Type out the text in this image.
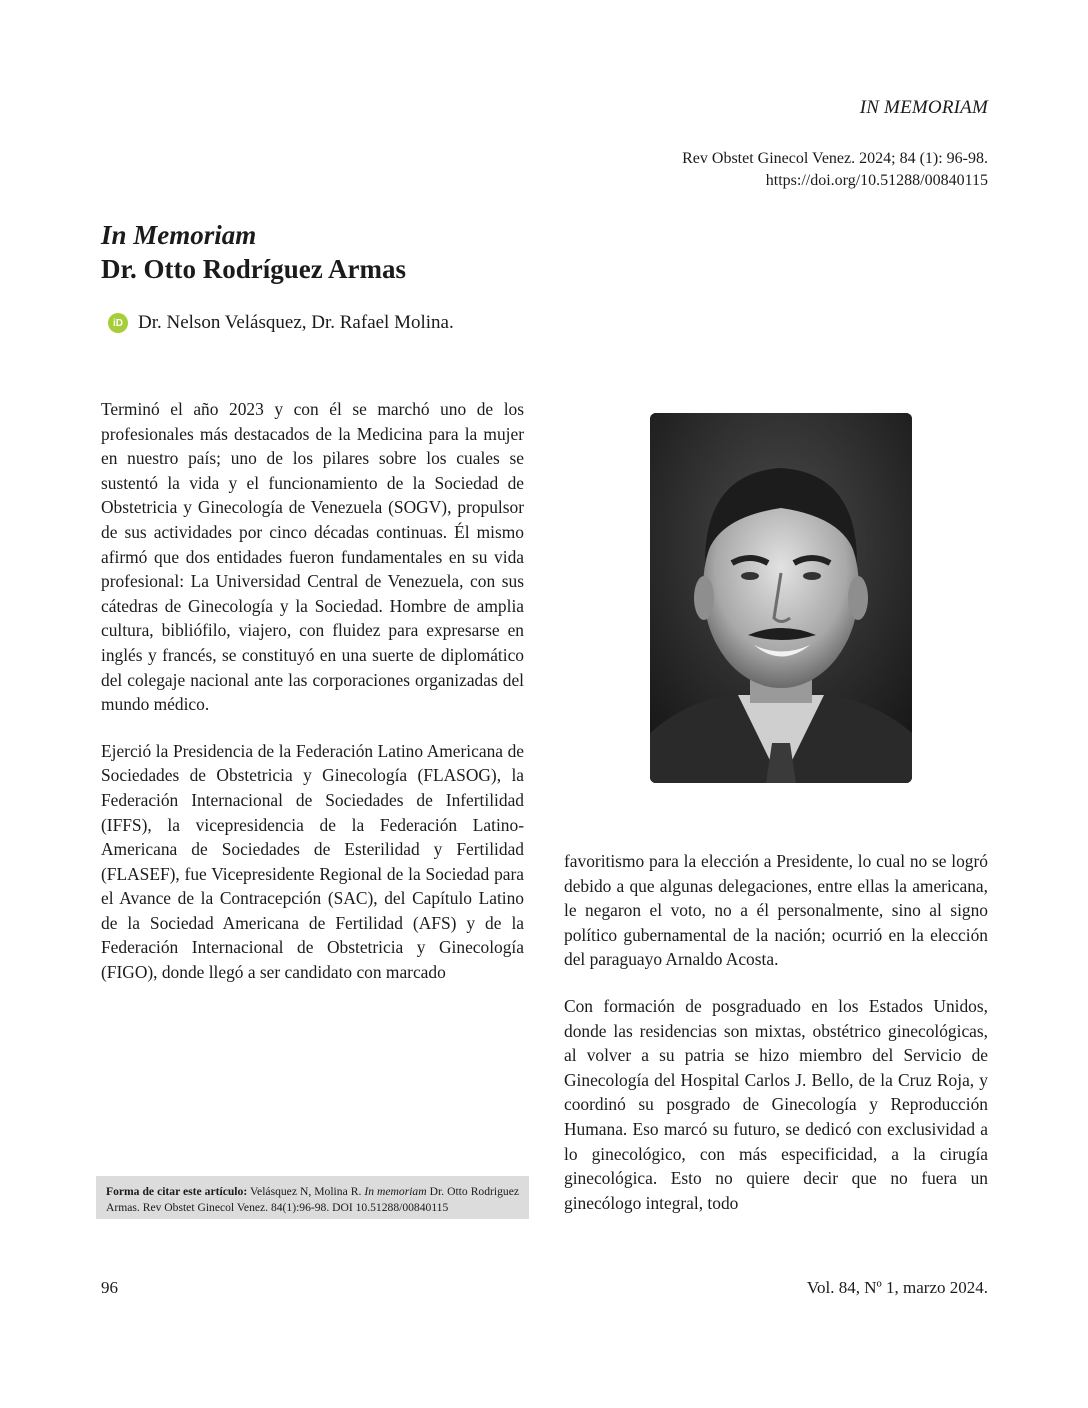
IN MEMORIAM
Rev Obstet Ginecol Venez. 2024; 84 (1): 96-98.
https://doi.org/10.51288/00840115
In Memoriam
Dr. Otto Rodríguez Armas
iD Dr. Nelson Velásquez, Dr. Rafael Molina.

Terminó el año 2023 y con él se marchó uno de los profesionales más destacados de la Medicina para la mujer en nuestro país; uno de los pilares sobre los cuales se sustentó la vida y el funcionamiento de la Sociedad de Obstetricia y Ginecología de Venezuela (SOGV), propulsor de sus actividades por cinco décadas continuas. Él mismo afirmó que dos entidades fueron fundamentales en su vida profesional: La Universidad Central de Venezuela, con sus cátedras de Ginecología y la Sociedad. Hombre de amplia cultura, bibliófilo, viajero, con fluidez para expresarse en inglés y francés, se constituyó en una suerte de diplomático del colegaje nacional ante las corporaciones organizadas del mundo médico.

Ejerció la Presidencia de la Federación Latino Americana de Sociedades de Obstetricia y Ginecología (FLASOG), la Federación Internacional de Sociedades de Infertilidad (IFFS), la vicepresidencia de la Federación Latino-Americana de Sociedades de Esterilidad y Fertilidad (FLASEF), fue Vicepresidente Regional de la Sociedad para el Avance de la Contracepción (SAC), del Capítulo Latino de la Sociedad Americana de Fertilidad (AFS) y de la Federación Internacional de Obstetricia y Ginecología (FIGO), donde llegó a ser candidato con marcado

favoritismo para la elección a Presidente, lo cual no se logró debido a que algunas delegaciones, entre ellas la americana, le negaron el voto, no a él personalmente, sino al signo político gubernamental de la nación; ocurrió en la elección del paraguayo Arnaldo Acosta.

Con formación de posgraduado en los Estados Unidos, donde las residencias son mixtas, obstétrico ginecológicas, al volver a su patria se hizo miembro del Servicio de Ginecología del Hospital Carlos J. Bello, de la Cruz Roja, y coordinó su posgrado de Ginecología y Reproducción Humana. Eso marcó su futuro, se dedicó con exclusividad a lo ginecológico, con más especificidad, a la cirugía ginecológica. Esto no quiere decir que no fuera un ginecólogo integral, todo

Forma de citar este artículo: Velásquez N, Molina R. In memoriam Dr. Otto Rodriguez Armas. Rev Obstet Ginecol Venez. 84(1):96-98. DOI 10.51288/00840115
96	Vol. 84, Nº 1, marzo 2024.
